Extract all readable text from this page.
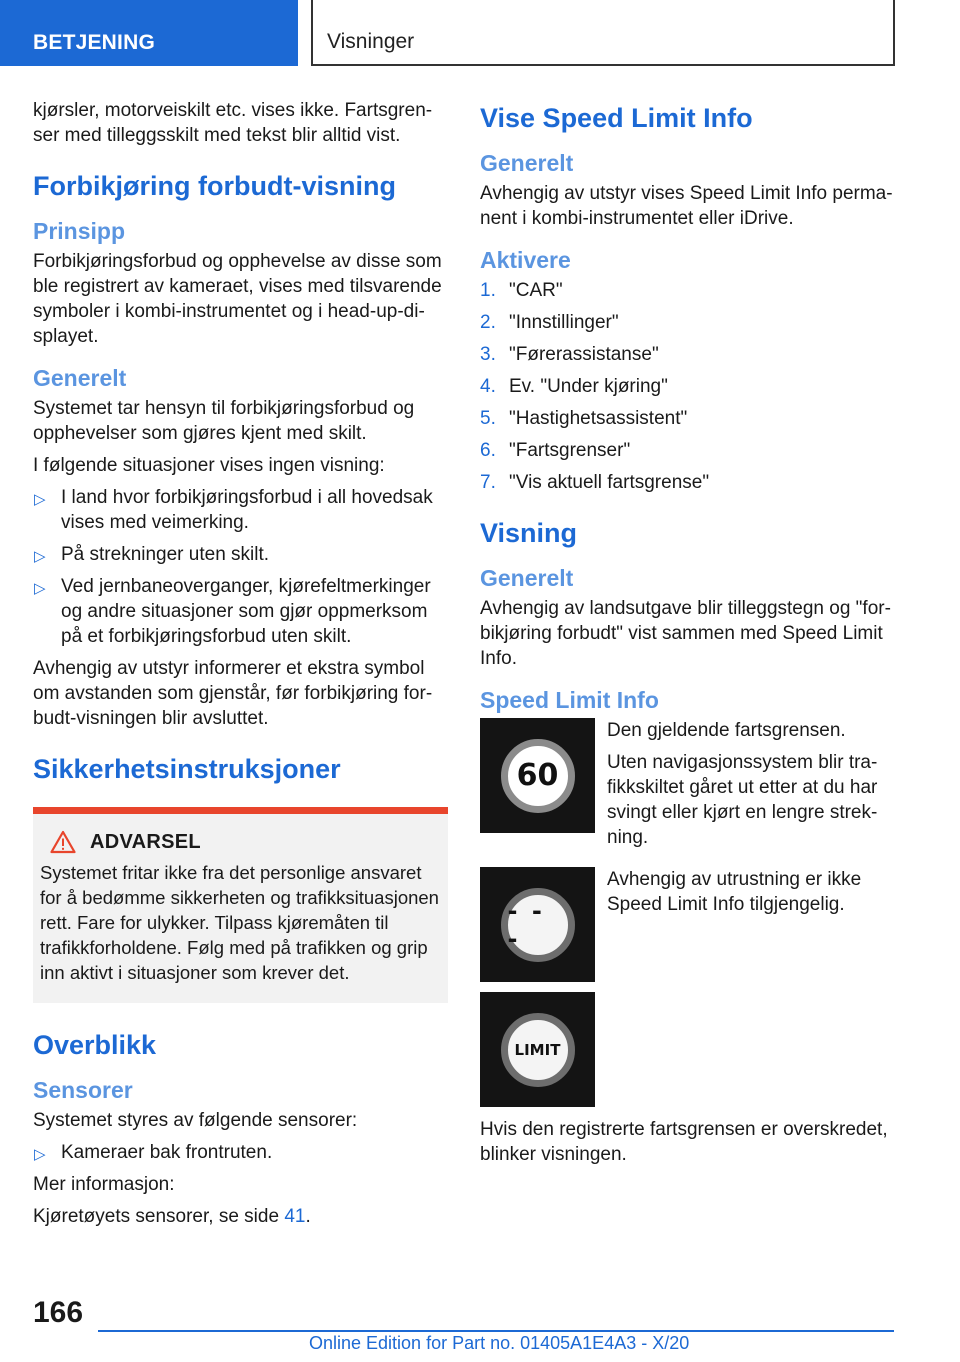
BETJENING	Visninger

kjørsler, motorveiskilt etc. vises ikke. Fartsgrenser med tilleggsskilt med tekst blir alltid vist.

Forbikjøring forbudt-visning
Prinsipp

Forbikjøringsforbud og opphevelse av disse som ble registrert av kameraet, vises med tilsvarende symboler i kombi-instrumentet og i head-up-displayet.

Generelt

Systemet tar hensyn til forbikjøringsforbud og opphevelser som gjøres kjent med skilt.

I følgende situasjoner vises ingen visning:

▷ I land hvor forbikjøringsforbud i all hovedsak vises med veimerking.
▷ På strekninger uten skilt.
▷ Ved jernbaneoverganger, kjørefeltmerkinger og andre situasjoner som gjør oppmerksom på et forbikjøringsforbud uten skilt.

Avhengig av utstyr informerer et ekstra symbol om avstanden som gjenstår, før forbikjøring forbudt-visningen blir avsluttet.

Sikkerhetsinstruksjoner
ADVARSEL

Systemet fritar ikke fra det personlige ansvaret for å bedømme sikkerheten og trafikksituasjonen rett. Fare for ulykker. Tilpass kjøremåten til trafikkforholdene. Følg med på trafikken og grip inn aktivt i situasjoner som krever det.

Overblikk
Sensorer

Systemet styres av følgende sensorer:

▷ Kameraer bak frontruten.

Mer informasjon:

Kjøretøyets sensorer, se side 41.

Vise Speed Limit Info
Generelt

Avhengig av utstyr vises Speed Limit Info permanent i kombi-instrumentet eller iDrive.

Aktivere
1. "CAR"
2. "Innstillinger"
3. "Førerassistanse"
4. Ev. "Under kjøring"
5. "Hastighetsassistent"
6. "Fartsgrenser"
7. "Vis aktuell fartsgrense"
Visning
Generelt

Avhengig av landsutgave blir tilleggstegn og "forbikjøring forbudt" vist sammen med Speed Limit Info.

Speed Limit Info
60

Den gjeldende fartsgrensen.

Uten navigasjonssystem blir trafikkskiltet gåret ut etter at du har svingt eller kjørt en lengre strekning.

- - -

Avhengig av utrustning er ikke Speed Limit Info tilgjengelig.

LIMIT

Hvis den registrerte fartsgrensen er overskredet, blinker visningen.

166
Online Edition for Part no. 01405A1E4A3 - X/20
